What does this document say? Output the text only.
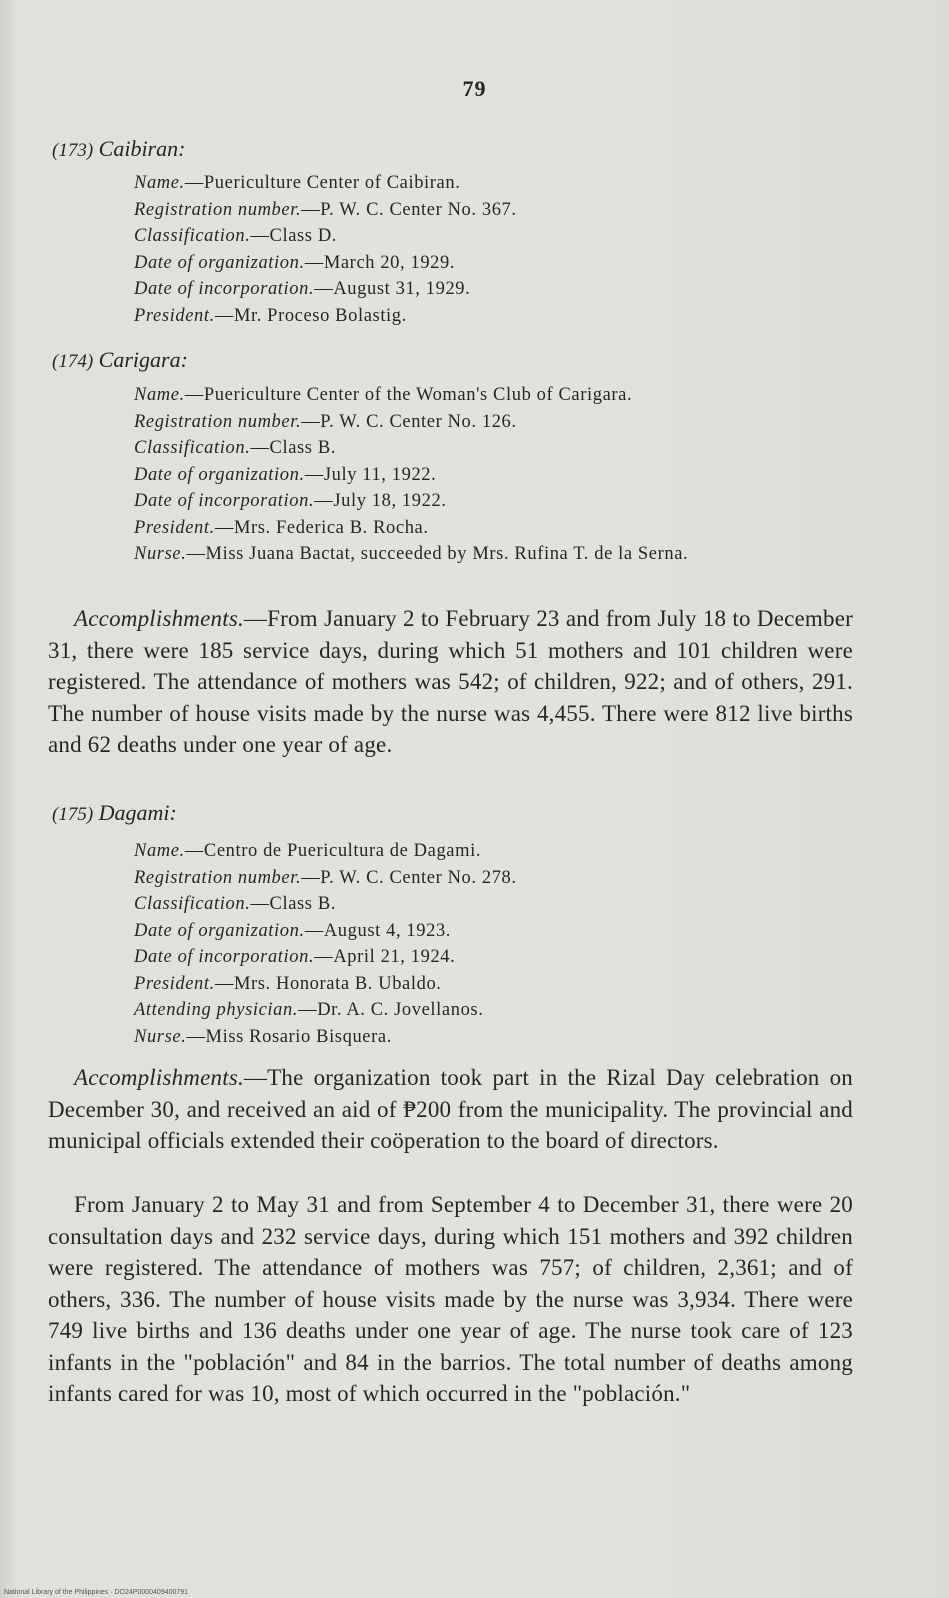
79
(173) Caibiran:
Name.—Puericulture Center of Caibiran.
Registration number.—P. W. C. Center No. 367.
Classification.—Class D.
Date of organization.—March 20, 1929.
Date of incorporation.—August 31, 1929.
President.—Mr. Proceso Bolastig.
(174) Carigara:
Name.—Puericulture Center of the Woman's Club of Carigara.
Registration number.—P. W. C. Center No. 126.
Classification.—Class B.
Date of organization.—July 11, 1922.
Date of incorporation.—July 18, 1922.
President.—Mrs. Federica B. Rocha.
Nurse.—Miss Juana Bactat, succeeded by Mrs. Rufina T. de la Serna.
Accomplishments.—From January 2 to February 23 and from July 18 to December 31, there were 185 service days, during which 51 mothers and 101 children were registered. The attendance of mothers was 542; of children, 922; and of others, 291. The number of house visits made by the nurse was 4,455. There were 812 live births and 62 deaths under one year of age.
(175) Dagami:
Name.—Centro de Puericultura de Dagami.
Registration number.—P. W. C. Center No. 278.
Classification.—Class B.
Date of organization.—August 4, 1923.
Date of incorporation.—April 21, 1924.
President.—Mrs. Honorata B. Ubaldo.
Attending physician.—Dr. A. C. Jovellanos.
Nurse.—Miss Rosario Bisquera.
Accomplishments.—The organization took part in the Rizal Day celebration on December 30, and received an aid of ₱200 from the municipality. The provincial and municipal officials extended their coöperation to the board of directors.
From January 2 to May 31 and from September 4 to December 31, there were 20 consultation days and 232 service days, during which 151 mothers and 392 children were registered. The attendance of mothers was 757; of children, 2,361; and of others, 336. The number of house visits made by the nurse was 3,934. There were 749 live births and 136 deaths under one year of age. The nurse took care of 123 infants in the "población" and 84 in the barrios. The total number of deaths among infants cared for was 10, most of which occurred in the "población."
National Library of the Philippines · DO24P0000409400791
